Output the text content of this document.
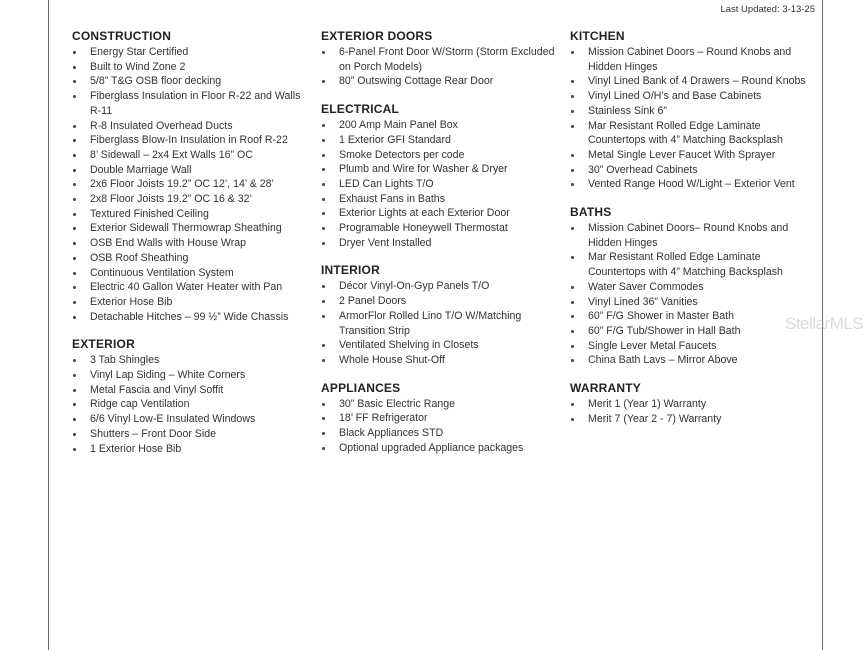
Last Updated: 3-13-25
CONSTRUCTION
Energy Star Certified
Built to Wind Zone 2
5/8” T&G OSB floor decking
Fiberglass Insulation in Floor R-22 and Walls R-11
R-8 Insulated Overhead Ducts
Fiberglass Blow-In Insulation in Roof R-22
8’ Sidewall – 2x4 Ext Walls 16” OC
Double Marriage Wall
2x6 Floor Joists 19.2” OC 12’, 14’ & 28’
2x8 Floor Joists 19.2” OC 16 & 32’
Textured Finished Ceiling
Exterior Sidewall Thermowrap Sheathing
OSB End Walls with House Wrap
OSB Roof Sheathing
Continuous Ventilation System
Electric 40 Gallon Water Heater with Pan
Exterior Hose Bib
Detachable Hitches – 99 ½” Wide Chassis
EXTERIOR
3 Tab Shingles
Vinyl Lap Siding – White Corners
Metal Fascia and Vinyl Soffit
Ridge cap Ventilation
6/6 Vinyl Low-E Insulated Windows
Shutters – Front Door Side
1 Exterior Hose Bib
EXTERIOR DOORS
6-Panel Front Door W/Storm (Storm Excluded on Porch Models)
80” Outswing Cottage Rear Door
ELECTRICAL
200 Amp Main Panel Box
1 Exterior GFI Standard
Smoke Detectors per code
Plumb and Wire for Washer & Dryer
LED Can Lights T/O
Exhaust Fans in Baths
Exterior Lights at each Exterior Door
Programable Honeywell Thermostat
Dryer Vent Installed
INTERIOR
Décor Vinyl-On-Gyp Panels T/O
2 Panel Doors
ArmorFlor Rolled Lino T/O W/Matching Transition Strip
Ventilated Shelving in Closets
Whole House Shut-Off
APPLIANCES
30” Basic Electric Range
18’ FF Refrigerator
Black Appliances STD
Optional upgraded Appliance packages
KITCHEN
Mission Cabinet Doors – Round Knobs and Hidden Hinges
Vinyl Lined Bank of 4 Drawers – Round Knobs
Vinyl Lined O/H’s and Base Cabinets
Stainless Sink 6”
Mar Resistant Rolled Edge Laminate Countertops with 4” Matching Backsplash
Metal Single Lever Faucet With Sprayer
30” Overhead Cabinets
Vented Range Hood W/Light – Exterior Vent
BATHS
Mission Cabinet Doors– Round Knobs and Hidden Hinges
Mar Resistant Rolled Edge Laminate Countertops with 4” Matching Backsplash
Water Saver Commodes
Vinyl Lined 36” Vanities
60” F/G Shower in Master Bath
60” F/G Tub/Shower in Hall Bath
Single Lever Metal Faucets
China Bath Lavs – Mirror Above
WARRANTY
Merit 1 (Year 1) Warranty
Merit 7 (Year 2 - 7) Warranty
StellarMLS
